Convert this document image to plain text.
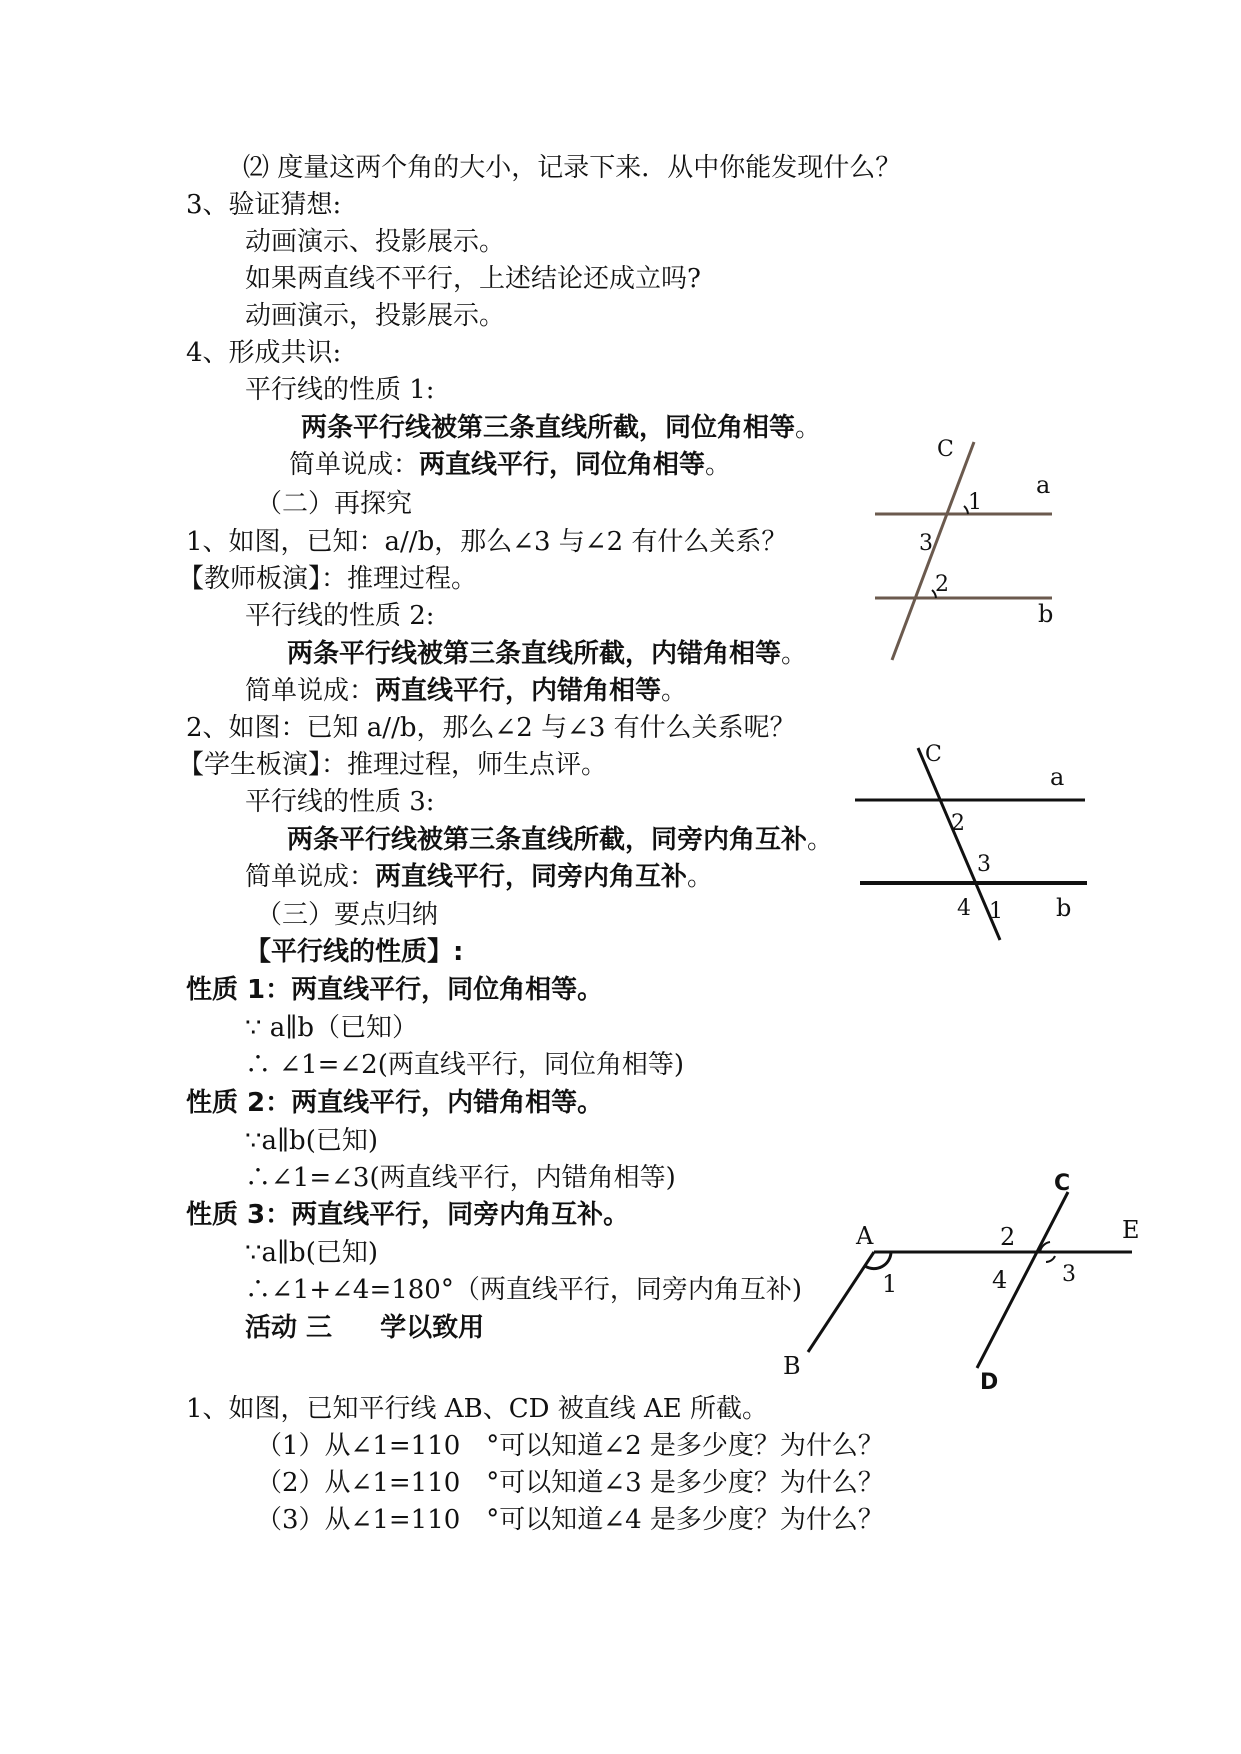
⑵ 度量这两个角的大小，记录下来．从中你能发现什么？
3、验证猜想:
动画演示、投影展示。
如果两直线不平行，上述结论还成立吗?
动画演示，投影展示。
4、形成共识:
平行线的性质 1:
两条平行线被第三条直线所截，同位角相等。
简单说成：两直线平行，同位角相等。
（二）再探究
1、如图，已知：a//b，那么∠3 与∠2 有什么关系？
【教师板演】：推理过程。
平行线的性质 2:
两条平行线被第三条直线所截，内错角相等。
简单说成：两直线平行，内错角相等。
2、如图：已知 a//b，那么∠2 与∠3 有什么关系呢？
【学生板演】：推理过程，师生点评。
平行线的性质 3:
两条平行线被第三条直线所截，同旁内角互补。
简单说成：两直线平行，同旁内角互补。
（三）要点归纳
【平行线的性质】:
性质 1：两直线平行，同位角相等。
∵ a∥b（已知）
∴ ∠1=∠2(两直线平行，同位角相等)
性质 2：两直线平行，内错角相等。
∵a∥b(已知)
∴∠1=∠3(两直线平行，内错角相等)
性质 3：两直线平行，同旁内角互补。
∵a∥b(已知)
∴∠1+∠4=180°（两直线平行，同旁内角互补)
活动 三 学以致用
1、如图，已知平行线 AB、CD 被直线 AE 所截。
（1）从∠1=110　°可以知道∠2 是多少度？为什么？
（2）从∠1=110　°可以知道∠3 是多少度？为什么？
（3）从∠1=110　°可以知道∠4 是多少度？为什么？
C
1
a
3
2
b
C
a
2
3
4 1 b
A
C
E
2
3
4
1
B
D
